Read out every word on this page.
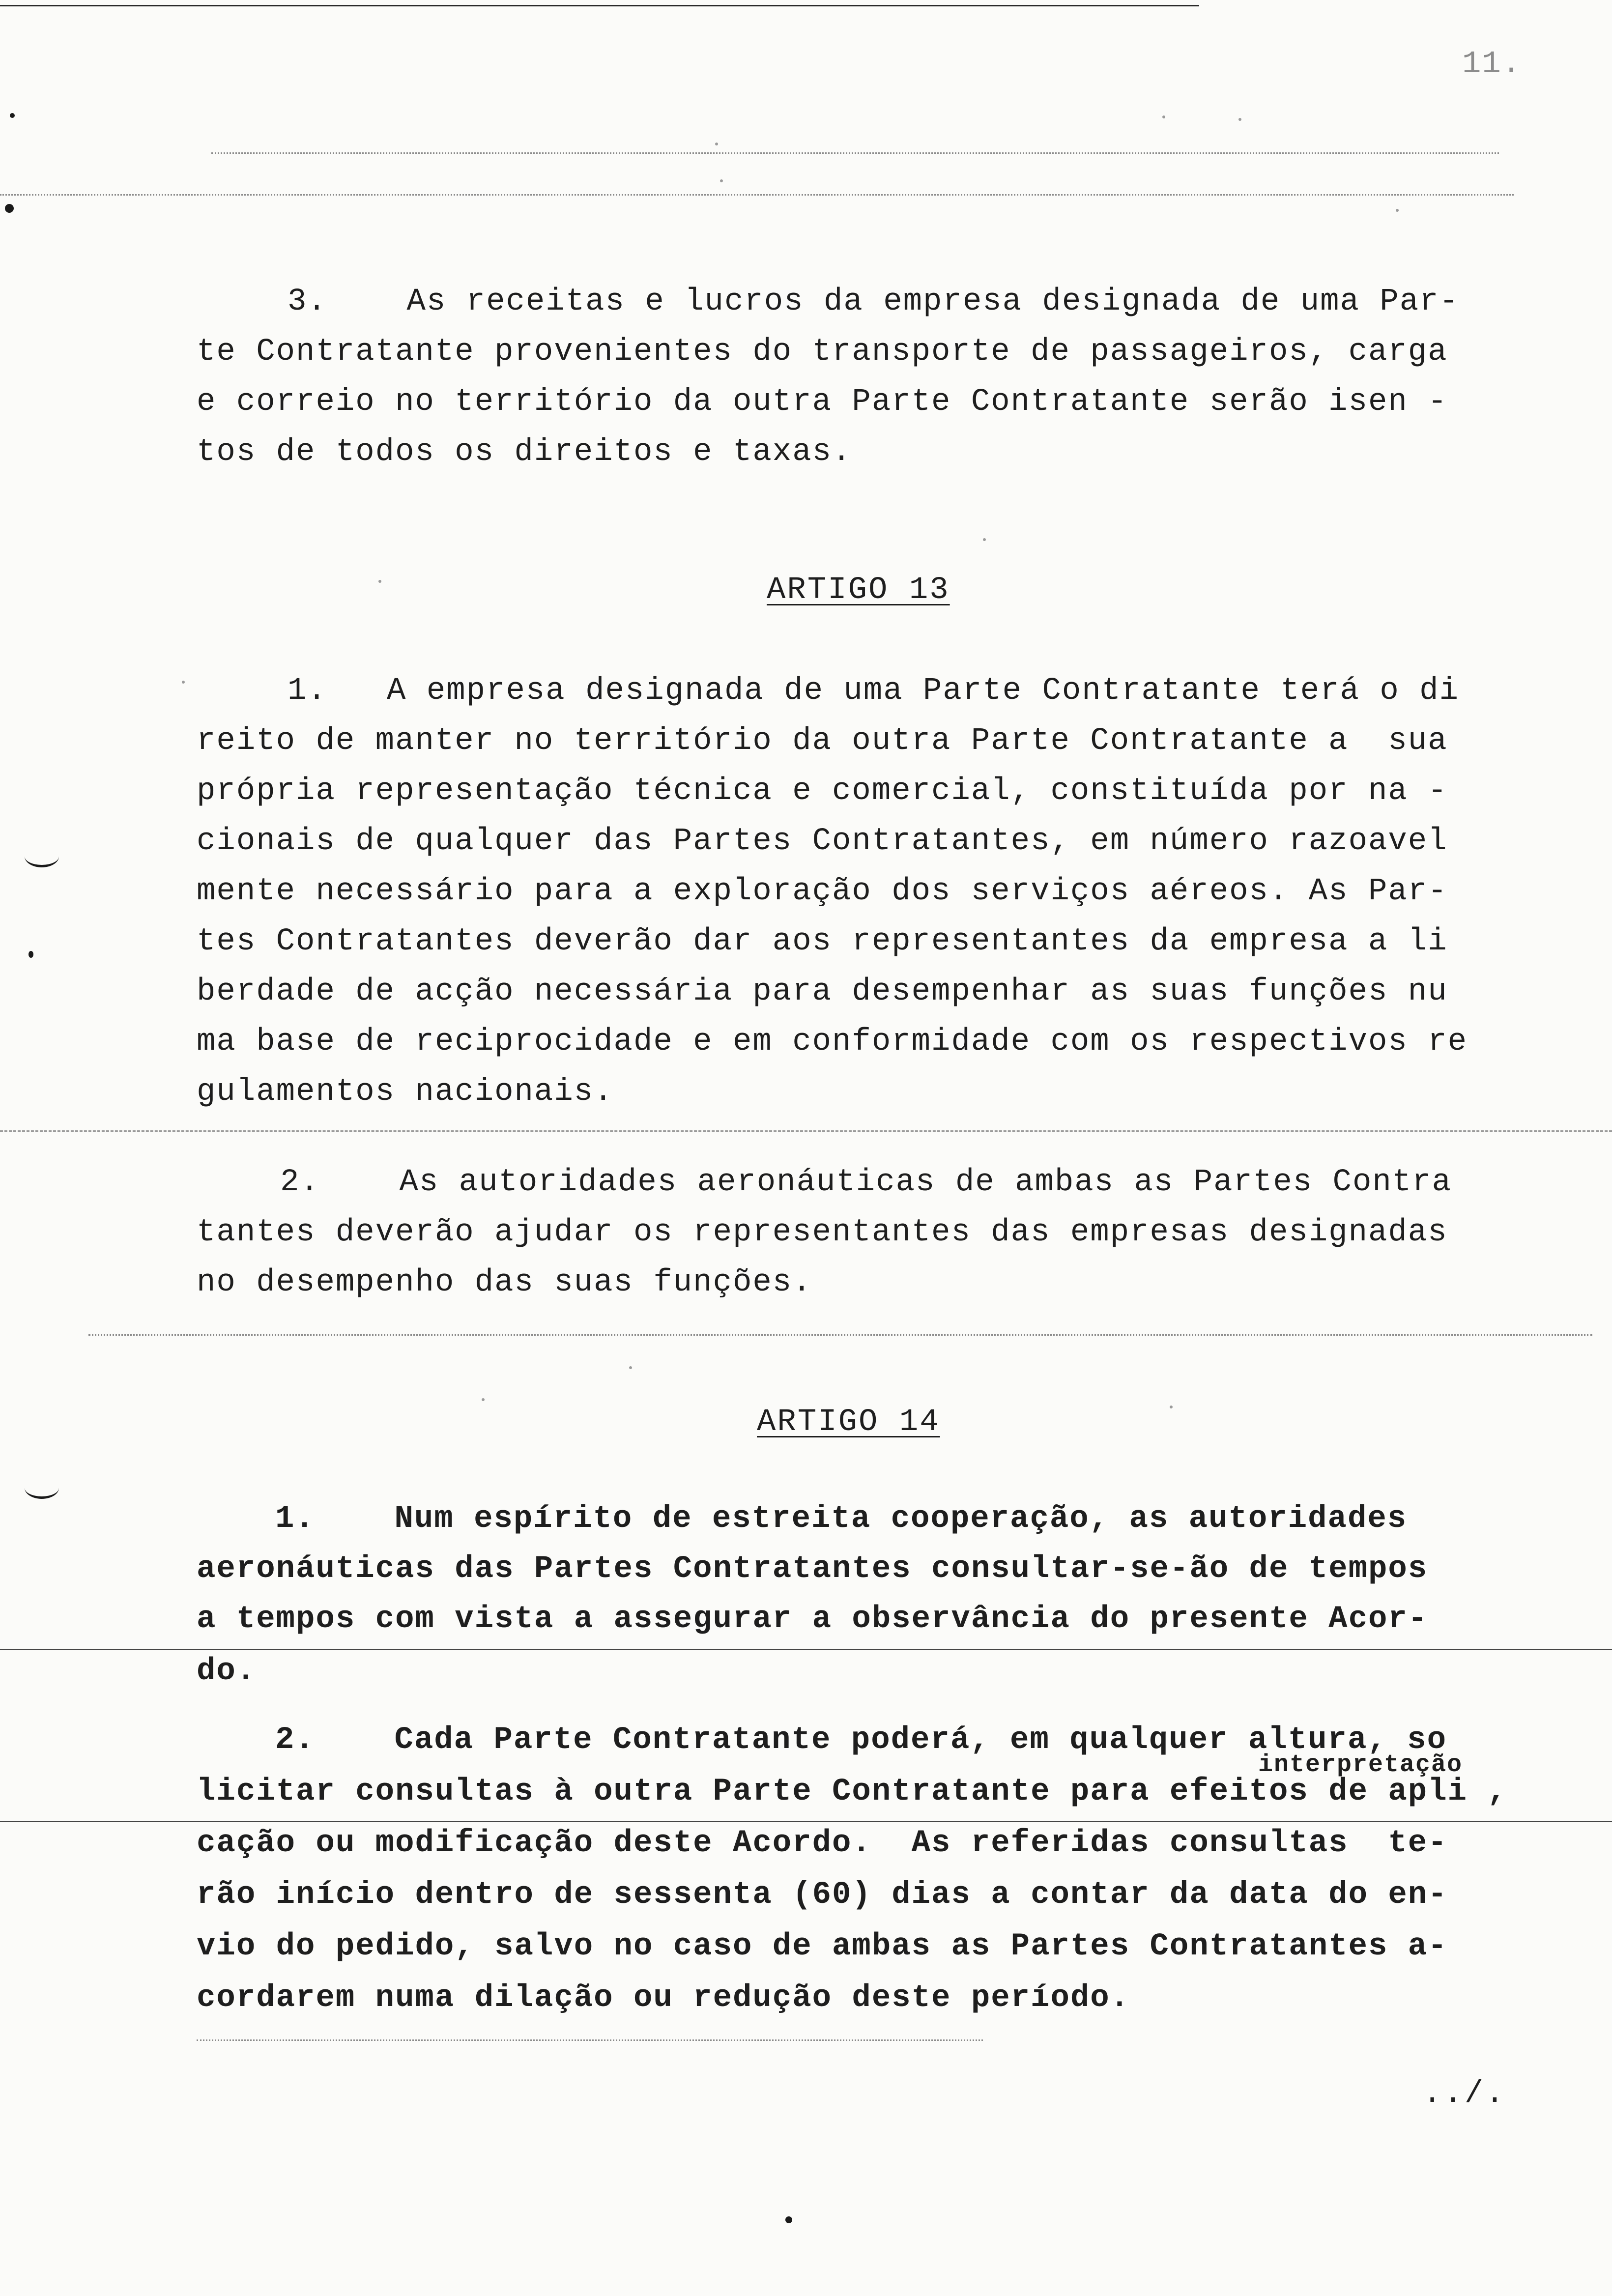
11.
3.    As receitas e lucros da empresa designada de uma Par-
te Contratante provenientes do transporte de passageiros, carga
e correio no território da outra Parte Contratante serão isen -
tos de todos os direitos e taxas.
ARTIGO 13
1.   A empresa designada de uma Parte Contratante terá o di
reito de manter no território da outra Parte Contratante a  sua
própria representação técnica e comercial, constituída por na -
cionais de qualquer das Partes Contratantes, em número razoavel
mente necessário para a exploração dos serviços aéreos. As Par-
tes Contratantes deverão dar aos representantes da empresa a li
berdade de acção necessária para desempenhar as suas funções nu
ma base de reciprocidade e em conformidade com os respectivos re
gulamentos nacionais.
2.    As autoridades aeronáuticas de ambas as Partes Contra
tantes deverão ajudar os representantes das empresas designadas
no desempenho das suas funções.
ARTIGO 14
1.    Num espírito de estreita cooperação, as autoridades
aeronáuticas das Partes Contratantes consultar-se-ão de tempos
a tempos com vista a assegurar a observância do presente Acor-
do.
2.    Cada Parte Contratante poderá, em qualquer altura, so
interpretação
licitar consultas à outra Parte Contratante para efeitos de apli ,
cação ou modificação deste Acordo.  As referidas consultas  te-
rão início dentro de sessenta (60) dias a contar da data do en-
vio do pedido, salvo no caso de ambas as Partes Contratantes a-
cordarem numa dilação ou redução deste período.
../.
